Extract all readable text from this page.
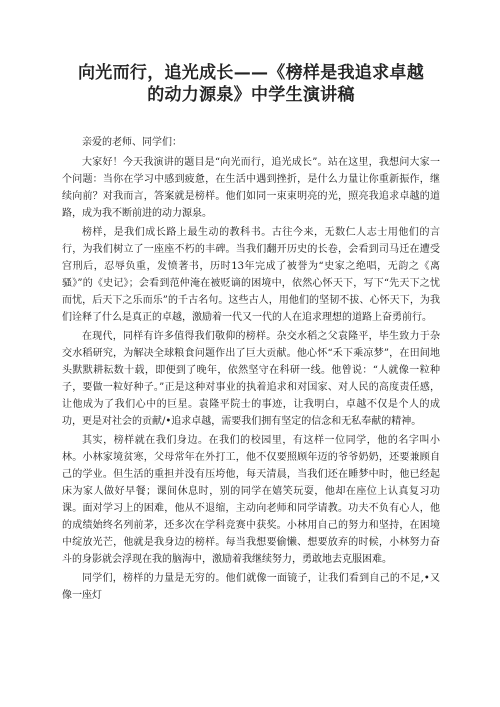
向光而行，追光成长——《榜样是我追求卓越的动力源泉》中学生演讲稿

亲爱的老师、同学们：

大家好！今天我演讲的题目是“向光而行，追光成长”。站在这里，我想问大家一个问题：当你在学习中感到疲惫，在生活中遇到挫折，是什么力量让你重新振作，继续向前？对我而言，答案就是榜样。他们如同一束束明亮的光，照亮我追求卓越的道路，成为我不断前进的动力源泉。

榜样，是我们成长路上最生动的教科书。古往今来，无数仁人志士用他们的言行，为我们树立了一座座不朽的丰碑。当我们翻开历史的长卷，会看到司马迁在遭受宫刑后，忍辱负重，发愤著书，历时13年完成了被誉为“史家之绝唱，无韵之《离骚》”的《史记》；会看到范仲淹在被贬谪的困境中，依然心怀天下，写下“先天下之忧而忧，后天下之乐而乐”的千古名句。这些古人，用他们的坚韧不拔、心怀天下，为我们诠释了什么是真正的卓越，激励着一代又一代的人在追求理想的道路上奋勇前行。

在现代，同样有许多值得我们敬仰的榜样。杂交水稻之父袁隆平，毕生致力于杂交水稻研究，为解决全球粮食问题作出了巨大贡献。他心怀“禾下乘凉梦”，在田间地头默默耕耘数十载，即便到了晚年，依然坚守在科研一线。他曾说：“人就像一粒种子，要做一粒好种子。”正是这种对事业的执着追求和对国家、对人民的高度责任感，让他成为了我们心中的巨星。袁隆平院士的事迹，让我明白，卓越不仅是个人的成功，更是对社会的贡献/•追求卓越，需要我们拥有坚定的信念和无私奉献的精神。

其实，榜样就在我们身边。在我们的校园里，有这样一位同学，他的名字叫小林。小林家境贫寒，父母常年在外打工，他不仅要照顾年迈的爷爷奶奶，还要兼顾自己的学业。但生活的重担并没有压垮他，每天清晨，当我们还在睡梦中时，他已经起床为家人做好早餐；课间休息时，别的同学在嬉笑玩耍，他却在座位上认真复习功课。面对学习上的困难，他从不退缩，主动向老师和同学请教。功夫不负有心人，他的成绩始终名列前茅，还多次在学科竞赛中获奖。小林用自己的努力和坚持，在困境中绽放光芒，他就是我身边的榜样。每当我想要偷懒、想要放弃的时候，小林努力奋斗的身影就会浮现在我的脑海中，激励着我继续努力，勇敢地去克服困难。

同学们，榜样的力量是无穷的。他们就像一面镜子，让我们看到自己的不足,•又像一座灯
